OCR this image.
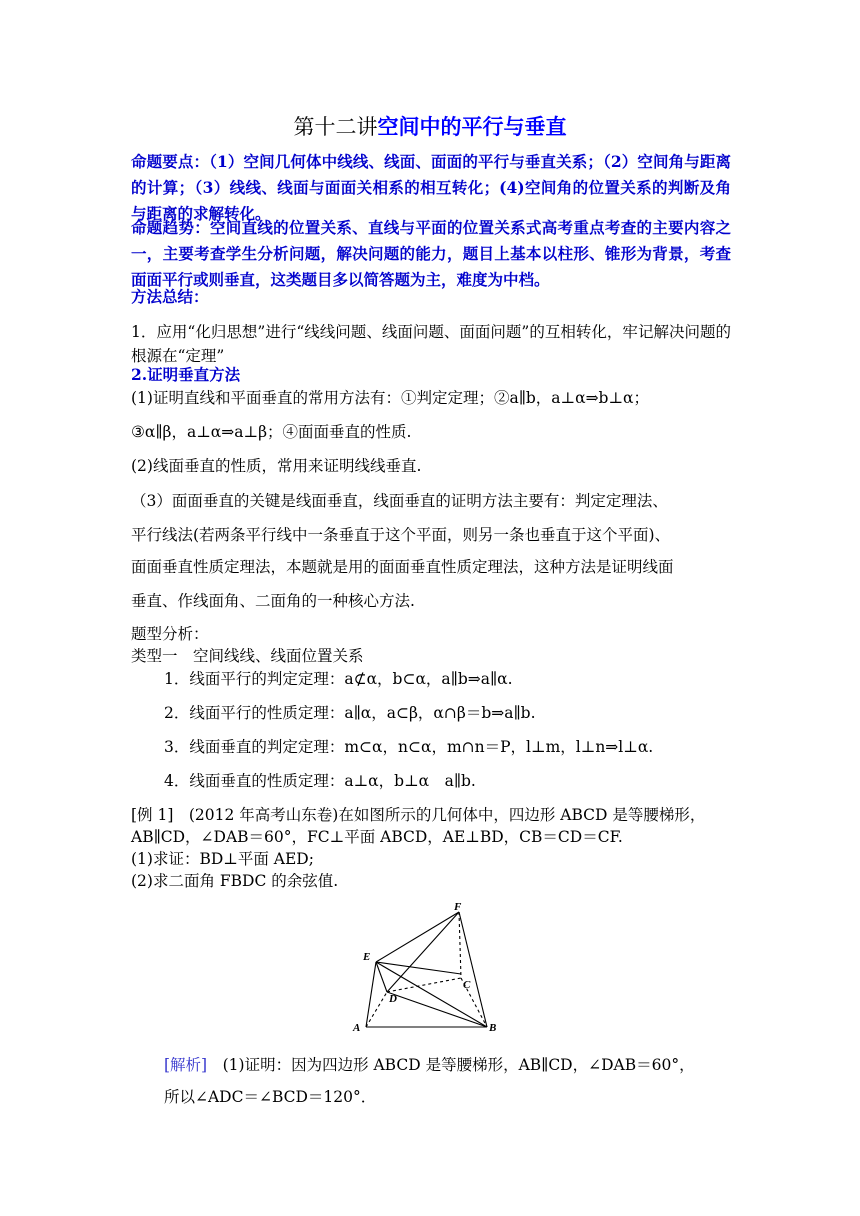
第十二讲空间中的平行与垂直
命题要点：（1）空间几何体中线线、线面、面面的平行与垂直关系；（2）空间角与距离的计算；（3）线线、线面与面面关相系的相互转化；(4)空间角的位置关系的判断及角与距离的求解转化。
命题趋势：空间直线的位置关系、直线与平面的位置关系式高考重点考查的主要内容之一，主要考查学生分析问题，解决问题的能力，题目上基本以柱形、锥形为背景，考查面面平行或则垂直，这类题目多以简答题为主，难度为中档。
方法总结：
1．应用“化归思想”进行“线线问题、线面问题、面面问题”的互相转化，牢记解决问题的根源在“定理”
2.证明垂直方法
(1)证明直线和平面垂直的常用方法有：①判定定理；②a∥b，a⊥α⇒b⊥α；
③α∥β，a⊥α⇒a⊥β；④面面垂直的性质.
(2)线面垂直的性质，常用来证明线线垂直.
（3）面面垂直的关键是线面垂直，线面垂直的证明方法主要有：判定定理法、
平行线法(若两条平行线中一条垂直于这个平面，则另一条也垂直于这个平面)、
面面垂直性质定理法，本题就是用的面面垂直性质定理法，这种方法是证明线面
垂直、作线面角、二面角的一种核心方法.
题型分析：
类型一　空间线线、线面位置关系
1．线面平行的判定定理：a⊄α，b⊂α，a∥b⇒a∥α.
2．线面平行的性质定理：a∥α，a⊂β，α∩β＝b⇒a∥b.
3．线面垂直的判定定理：m⊂α，n⊂α，m∩n＝P，l⊥m，l⊥n⇒l⊥α.
4．线面垂直的性质定理：a⊥α，b⊥α　a∥b.
[例 1]　(2012 年高考山东卷)在如图所示的几何体中，四边形 ABCD 是等腰梯形，
AB∥CD，∠DAB＝60°，FC⊥平面 ABCD，AE⊥BD，CB＝CD＝CF.
(1)求证：BD⊥平面 AED;
(2)求二面角 FBDC 的余弦值.
F
E
D
C
A	B
[解析]　(1)证明：因为四边形 ABCD 是等腰梯形，AB∥CD，∠DAB＝60°，
所以∠ADC＝∠BCD＝120°．
